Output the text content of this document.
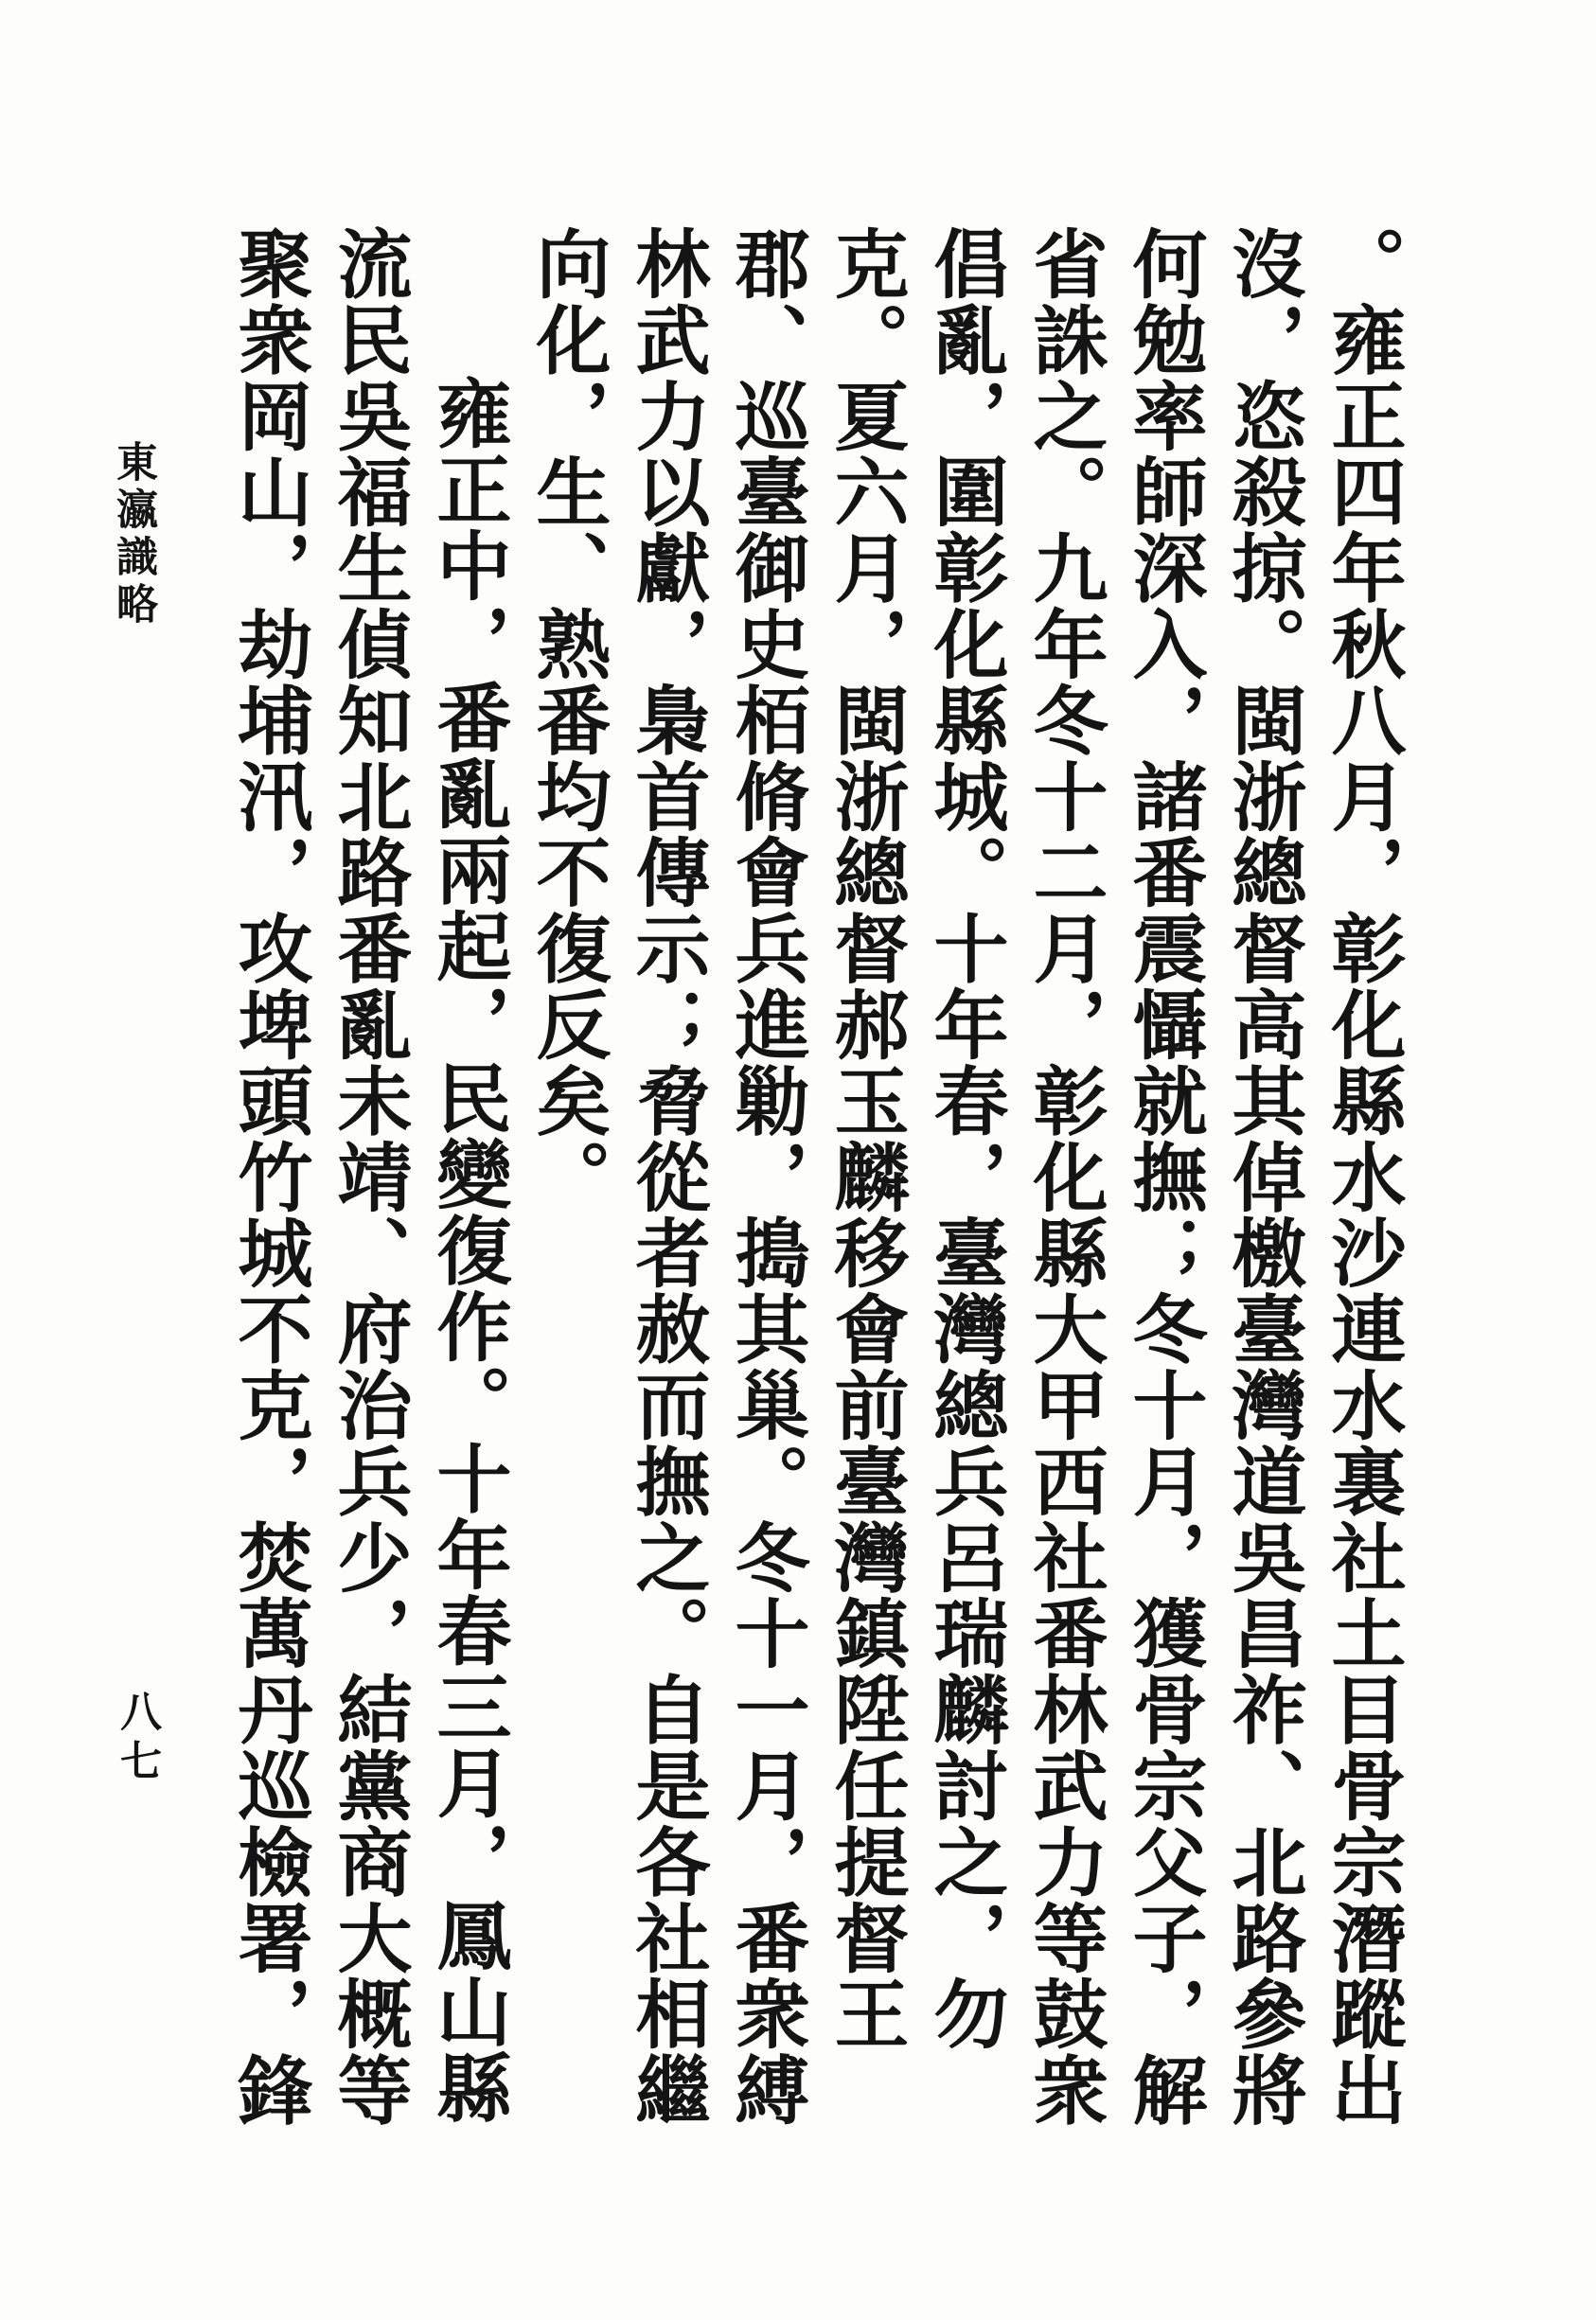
東瀛識略
八七	。雍正四年秋八月，彰化縣水沙連水裏社土目骨宗潛蹤出沒，恣殺掠。閩浙總督高其倬檄臺灣道吳昌祚、北路參將何勉率師深入，諸番震懾就撫；冬十月，獲骨宗父子，解省誅之。九年冬十二月，彰化縣大甲西社番林武力等鼓衆倡亂，圍彰化縣城。十年春，臺灣總兵呂瑞麟討之，勿克。夏六月，閩浙總督郝玉麟移會前臺灣鎮陞任提督王郡、巡臺御史栢脩會兵進勦，搗其巢。冬十一月，番衆縛林武力以獻，梟首傳示；脅從者赦而撫之。自是各社相繼向化，生、熟番均不復反矣。

雍正中，番亂兩起，民變復作。十年春三月，鳳山縣流民吳福生偵知北路番亂未靖、府治兵少，結黨商大概等聚衆岡山，劫埔汛，攻埤頭竹城不克，焚萬丹巡檢署，鋒
